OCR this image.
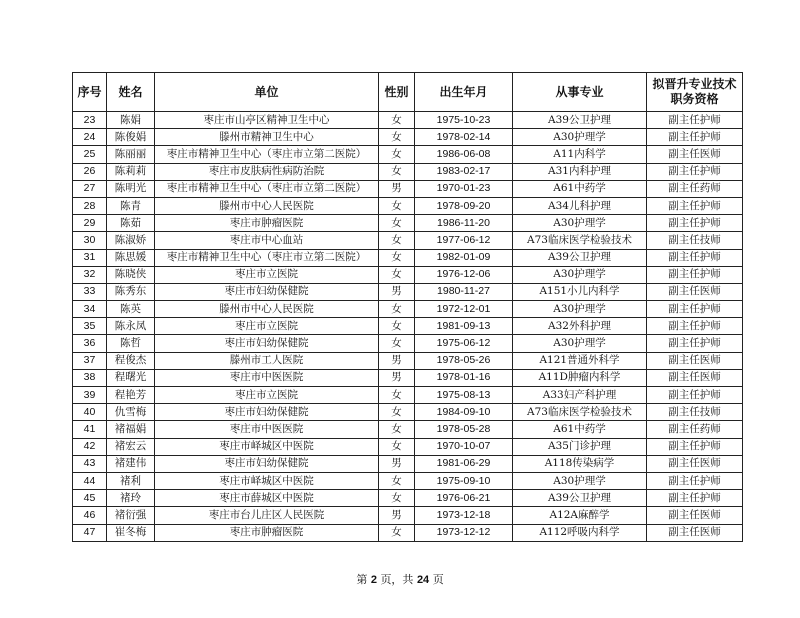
序号	姓名	单位	性别	出生年月	从事专业	拟晋升专业技术职务资格
23	陈娟	枣庄市山亭区精神卫生中心	女	1975-10-23	A39公卫护理	副主任护师
24	陈俊娟	滕州市精神卫生中心	女	1978-02-14	A30护理学	副主任护师
25	陈丽丽	枣庄市精神卫生中心（枣庄市立第二医院）	女	1986-06-08	A11内科学	副主任医师
26	陈莉莉	枣庄市皮肤病性病防治院	女	1983-02-17	A31内科护理	副主任护师
27	陈明光	枣庄市精神卫生中心（枣庄市立第二医院）	男	1970-01-23	A61中药学	副主任药师
28	陈青	滕州市中心人民医院	女	1978-09-20	A34儿科护理	副主任护师
29	陈茹	枣庄市肿瘤医院	女	1986-11-20	A30护理学	副主任护师
30	陈淑娇	枣庄市中心血站	女	1977-06-12	A73临床医学检验技术	副主任技师
31	陈思媛	枣庄市精神卫生中心（枣庄市立第二医院）	女	1982-01-09	A39公卫护理	副主任护师
32	陈晓侠	枣庄市立医院	女	1976-12-06	A30护理学	副主任护师
33	陈秀东	枣庄市妇幼保健院	男	1980-11-27	A151小儿内科学	副主任医师
34	陈英	滕州市中心人民医院	女	1972-12-01	A30护理学	副主任护师
35	陈永凤	枣庄市立医院	女	1981-09-13	A32外科护理	副主任护师
36	陈哲	枣庄市妇幼保健院	女	1975-06-12	A30护理学	副主任护师
37	程俊杰	滕州市工人医院	男	1978-05-26	A121普通外科学	副主任医师
38	程曙光	枣庄市中医医院	男	1978-01-16	A11D肿瘤内科学	副主任医师
39	程艳芳	枣庄市立医院	女	1975-08-13	A33妇产科护理	副主任护师
40	仇雪梅	枣庄市妇幼保健院	女	1984-09-10	A73临床医学检验技术	副主任技师
41	褚福娟	枣庄市中医医院	女	1978-05-28	A61中药学	副主任药师
42	褚宏云	枣庄市峄城区中医院	女	1970-10-07	A35门诊护理	副主任护师
43	褚建伟	枣庄市妇幼保健院	男	1981-06-29	A118传染病学	副主任医师
44	褚利	枣庄市峄城区中医院	女	1975-09-10	A30护理学	副主任护师
45	褚玲	枣庄市薛城区中医院	女	1976-06-21	A39公卫护理	副主任护师
46	褚衍强	枣庄市台儿庄区人民医院	男	1973-12-18	A12A麻醉学	副主任医师
47	崔冬梅	枣庄市肿瘤医院	女	1973-12-12	A112呼吸内科学	副主任医师
第 2 页，共 24 页
